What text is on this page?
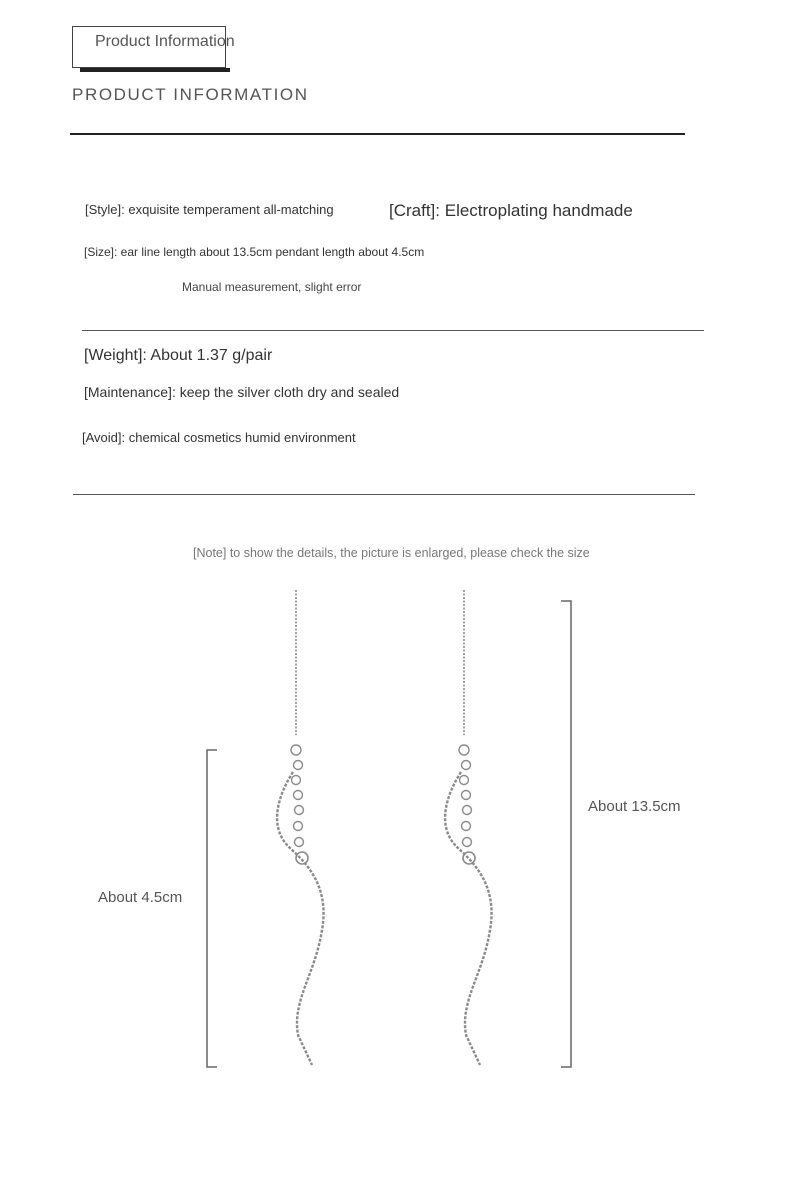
Product Information
PRODUCT INFORMATION
[Style]: exquisite temperament all-matching	[Craft]: Electroplating handmade
[Size]: ear line length about 13.5cm pendant length about 4.5cm
Manual measurement, slight error
[Weight]: About 1.37 g/pair
[Maintenance]: keep the silver cloth dry and sealed
[Avoid]: chemical cosmetics humid environment
[Note] to show the details, the picture is enlarged, please check the size
About 4.5cm
About 13.5cm
